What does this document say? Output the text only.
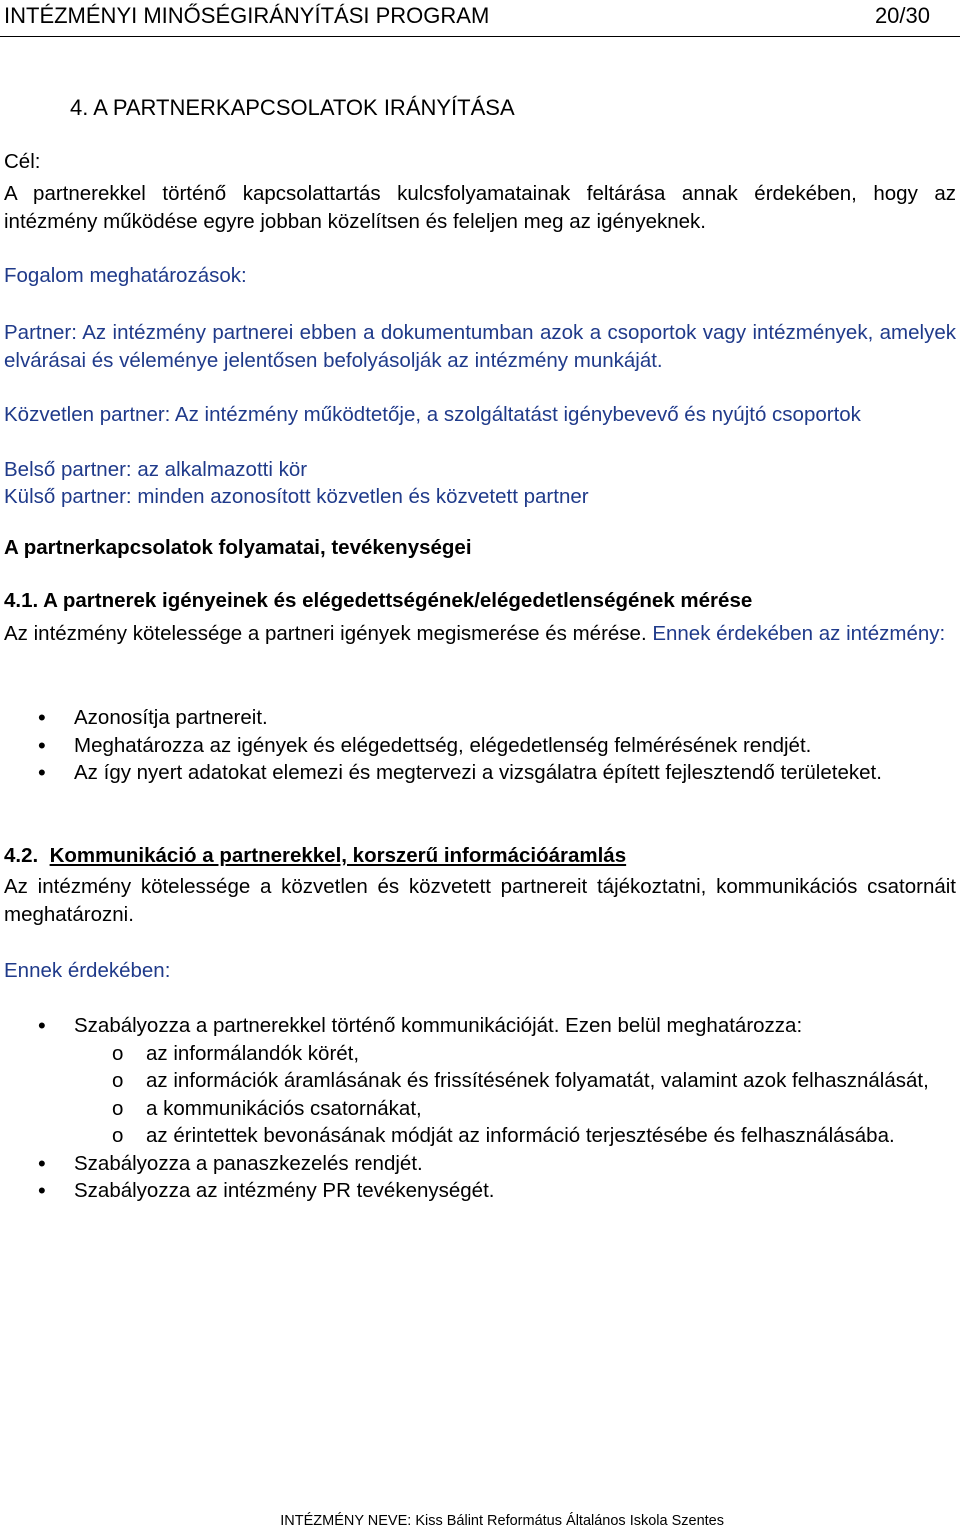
INTÉZMÉNYI MINŐSÉGIRÁNYÍTÁSI PROGRAM	20/30
4. A PARTNERKAPCSOLATOK IRÁNYÍTÁSA
Cél:
A partnerekkel történő kapcsolattartás kulcsfolyamatainak feltárása annak érdekében, hogy az intézmény működése egyre jobban közelítsen és feleljen meg az igényeknek.
Fogalom meghatározások:
Partner: Az intézmény partnerei ebben a dokumentumban azok a csoportok vagy intézmények, amelyek elvárásai és véleménye jelentősen befolyásolják az intézmény munkáját.
Közvetlen partner: Az intézmény működtetője, a szolgáltatást igénybevevő és nyújtó csoportok
Belső partner: az alkalmazotti kör
Külső partner: minden azonosított közvetlen és közvetett partner
A partnerkapcsolatok folyamatai, tevékenységei
4.1. A partnerek igényeinek és elégedettségének/elégedetlenségének mérése
Az intézmény kötelessége a partneri igények megismerése és mérése. Ennek érdekében az intézmény:
• Azonosítja partnereit.
• Meghatározza az igények és elégedettség, elégedetlenség felmérésének rendjét.
• Az így nyert adatokat elemezi és megtervezi a vizsgálatra épített fejlesztendő területeket.
4.2. Kommunikáció a partnerekkel, korszerű információáramlás
Az intézmény kötelessége a közvetlen és közvetett partnereit tájékoztatni, kommunikációs csatornáit meghatározni.
Ennek érdekében:
• Szabályozza a partnerekkel történő kommunikációját. Ezen belül meghatározza:
o az informálandók körét,
o az információk áramlásának és frissítésének folyamatát, valamint azok felhasználását,
o a kommunikációs csatornákat,
o az érintettek bevonásának módját az információ terjesztésébe és felhasználásába.
• Szabályozza a panaszkezelés rendjét.
• Szabályozza az intézmény PR tevékenységét.
INTÉZMÉNY NEVE: Kiss Bálint Református Általános Iskola Szentes
